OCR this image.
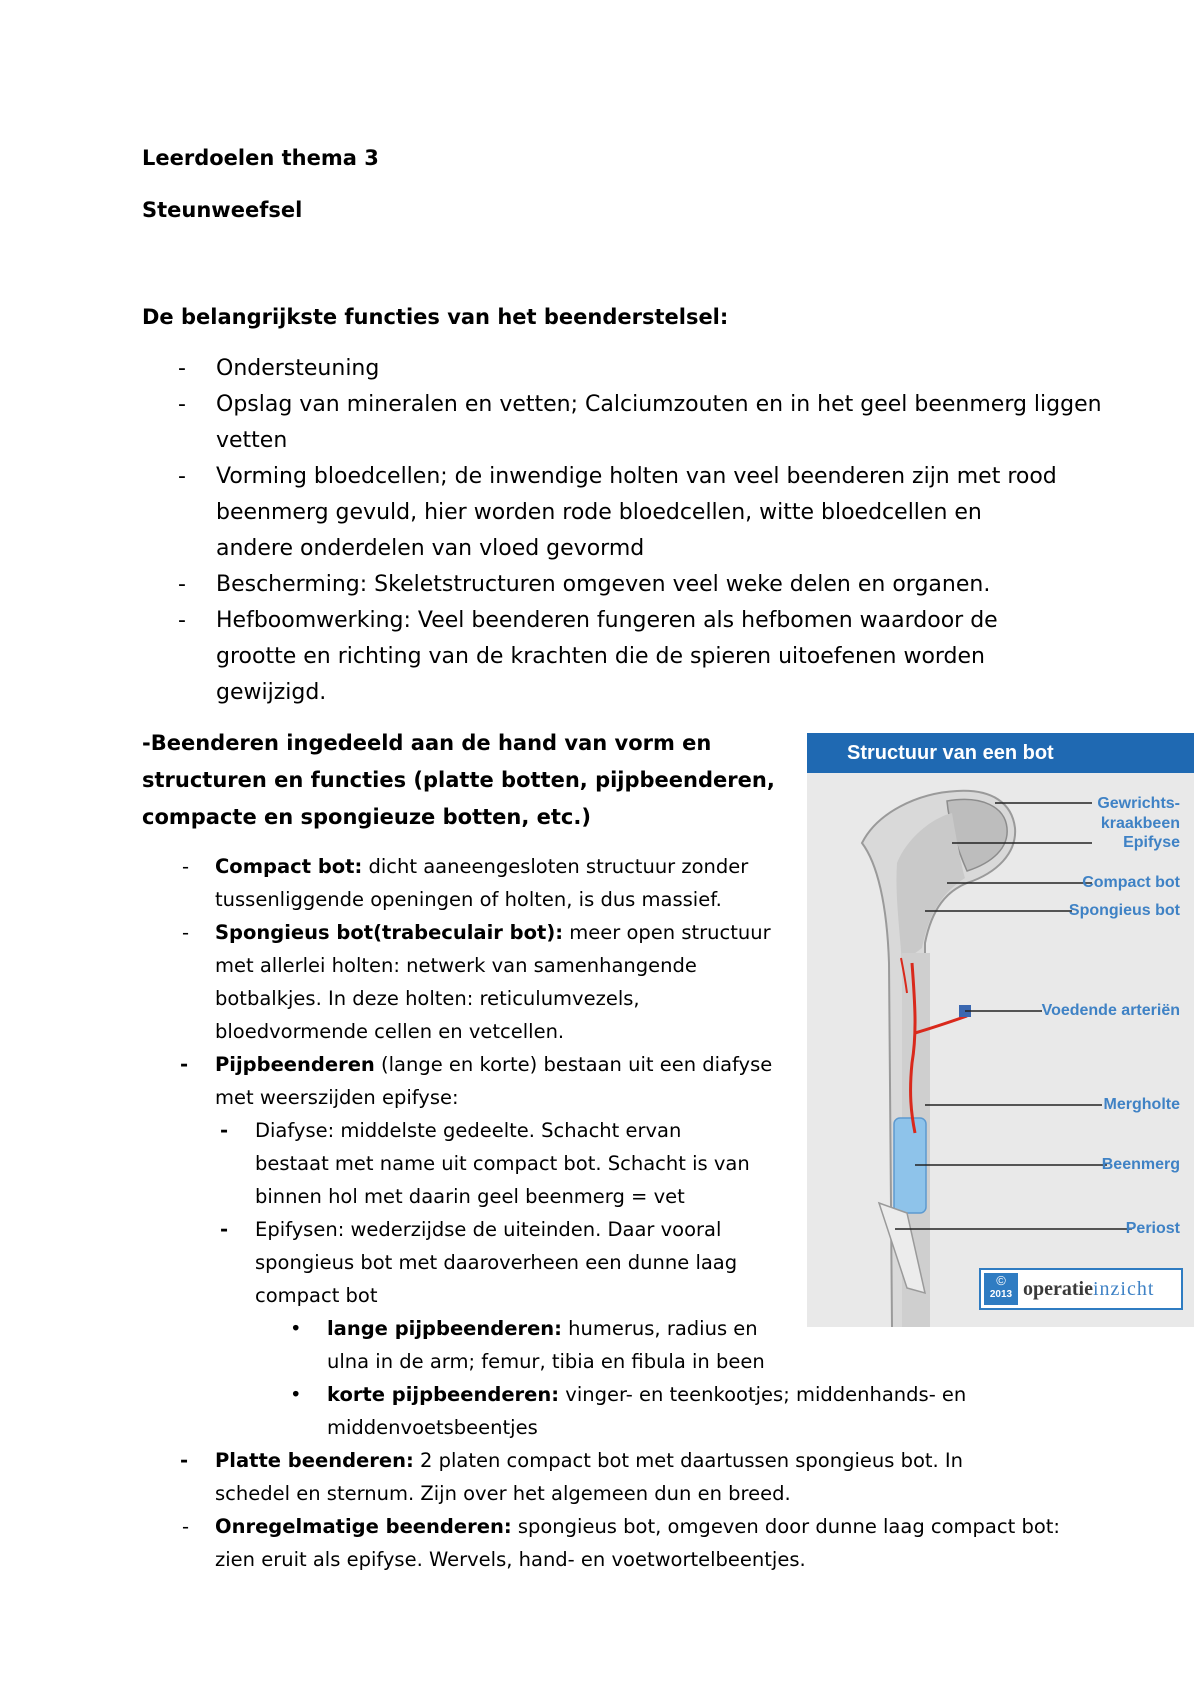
Leerdoelen thema 3
Steunweefsel
De belangrijkste functies van het beenderstelsel:
- Ondersteuning
- Opslag van mineralen en vetten; Calciumzouten en in het geel beenmerg liggen
vetten
- Vorming bloedcellen; de inwendige holten van veel beenderen zijn met rood
beenmerg gevuld, hier worden rode bloedcellen, witte bloedcellen en
andere onderdelen van vloed gevormd
- Bescherming: Skeletstructuren omgeven veel weke delen en organen.
- Hefboomwerking: Veel beenderen fungeren als hefbomen waardoor de
grootte en richting van de krachten die de spieren uitoefenen worden
gewijzigd.
-Beenderen ingedeeld aan de hand van vorm en
structuren en functies (platte botten, pijpbeenderen,
compacte en spongieuze botten, etc.)
- Compact bot: dicht aaneengesloten structuur zonder
tussenliggende openingen of holten, is dus massief.
- Spongieus bot(trabeculair bot): meer open structuur
met allerlei holten: netwerk van samenhangende
botbalkjes. In deze holten: reticulumvezels,
bloedvormende cellen en vetcellen.
- Pijpbeenderen (lange en korte) bestaan uit een diafyse
met weerszijden epifyse:
- Diafyse: middelste gedeelte. Schacht ervan
bestaat met name uit compact bot. Schacht is van
binnen hol met daarin geel beenmerg = vet
- Epifysen: wederzijdse de uiteinden. Daar vooral
spongieus bot met daaroverheen een dunne laag
compact bot
• lange pijpbeenderen: humerus, radius en
ulna in de arm; femur, tibia en fibula in been
• korte pijpbeenderen: vinger- en teenkootjes; middenhands- en
middenvoetsbeentjes
- Platte beenderen: 2 platen compact bot met daartussen spongieus bot. In
schedel en sternum. Zijn over het algemeen dun en breed.
- Onregelmatige beenderen: spongieus bot, omgeven door dunne laag compact bot:
zien eruit als epifyse. Wervels, hand- en voetwortelbeentjes.
Structuur van een bot
Gewrichts-
kraakbeen
Epifyse
Compact bot
Spongieus bot
Voedende arteriën
Mergholte
Beenmerg
Periost
©
2013 operatieinzicht
